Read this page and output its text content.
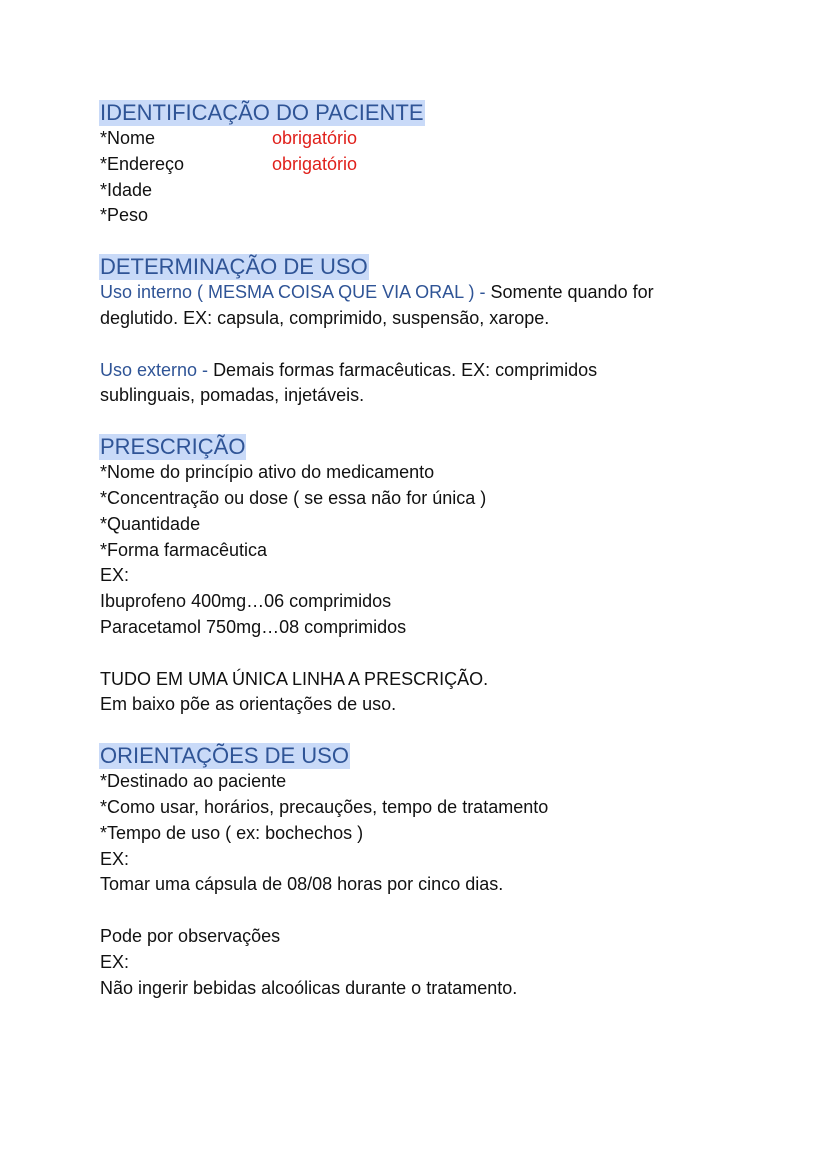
IDENTIFICAÇÃO DO PACIENTE
*Nome	obrigatório
*Endereço	obrigatório
*Idade
*Peso
DETERMINAÇÃO DE USO
Uso interno ( MESMA COISA QUE VIA ORAL ) - Somente quando for
deglutido. EX: capsula, comprimido, suspensão, xarope.
Uso externo - Demais formas farmacêuticas. EX: comprimidos
sublinguais, pomadas, injetáveis.
PRESCRIÇÃO
*Nome do princípio ativo do medicamento
*Concentração ou dose ( se essa não for única )
*Quantidade
*Forma farmacêutica
EX:
Ibuprofeno 400mg…06 comprimidos
Paracetamol 750mg…08 comprimidos
TUDO EM UMA ÚNICA LINHA A PRESCRIÇÃO.
Em baixo põe as orientações de uso.
ORIENTAÇÕES DE USO
*Destinado ao paciente
*Como usar, horários, precauções, tempo de tratamento
*Tempo de uso ( ex: bochechos )
EX:
Tomar uma cápsula de 08/08 horas por cinco dias.
Pode por observações
EX:
Não ingerir bebidas alcoólicas durante o tratamento.
